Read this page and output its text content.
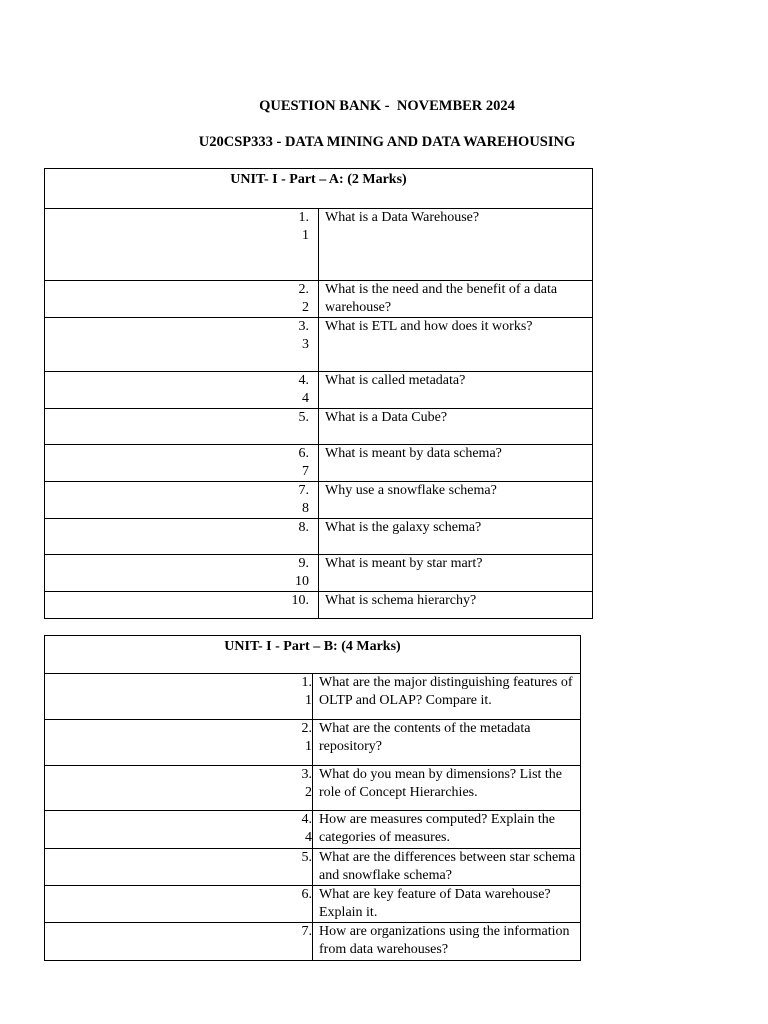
QUESTION BANK -  NOVEMBER 2024
U20CSP333 - DATA MINING AND DATA WAREHOUSING
UNIT- I - Part – A: (2 Marks)	

1.
1	What is a Data Warehouse?

2.
2	What is the need and the benefit of a data warehouse?

3.
3	What is ETL and how does it works?

4.
4	What is called metadata?

5.	What is a Data Cube?

6.
7	What is meant by data schema?

7.
8	Why use a snowflake schema?

8.	What is the galaxy schema?

9.
10	What is meant by star mart?

10.	What is schema hierarchy?
UNIT- I - Part – B: (4 Marks)	

1.
1	What are the major distinguishing features of OLTP and OLAP? Compare it.

2.
1	What are the contents of the metadata repository?

3.
2	What do you mean by dimensions? List the role of Concept Hierarchies.

4.
4	How are measures computed? Explain the categories of measures.

5.	What are the differences between star schema and snowflake schema?

6.	What are key feature of Data warehouse? Explain it.

7.	How are organizations using the information from data warehouses?
